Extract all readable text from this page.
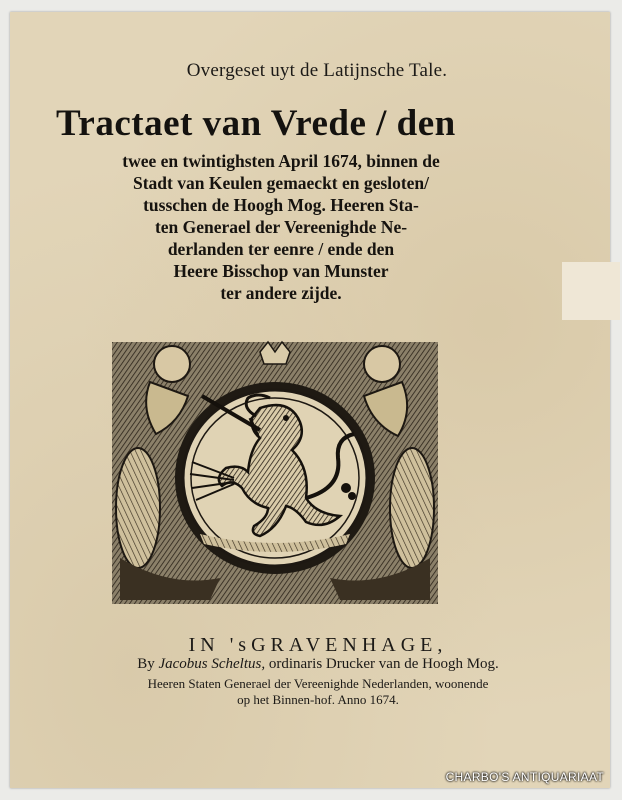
Overgeset uyt de Latijnsche Tale.
Tractaet van Vrede / den
twee en twintighsten April 1674, binnen de
Stadt van Keulen gemaeckt en gesloten/
tusschen de Hoogh Mog. Heeren Sta-
ten Generael der Vereenighde Ne-
derlanden ter eenre / ende den
Heere Bisschop van Munster
ter andere zijde.
IN 'sGRAVENHAGE,
By Jacobus Scheltus, ordinaris Drucker van de Hoogh Mog.
Heeren Staten Generael der Vereenighde Nederlanden, woonende
op het Binnen-hof. Anno 1674.
CHARBO'S ANTIQUARIAAT
